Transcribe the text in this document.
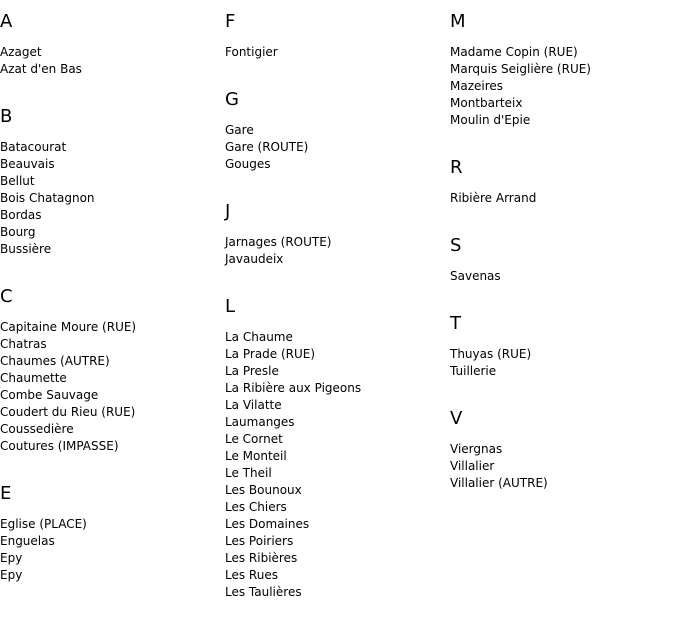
A
Azaget
Azat d'en Bas
B
Batacourat
Beauvais
Bellut
Bois Chatagnon
Bordas
Bourg
Bussière
C
Capitaine Moure (RUE)
Chatras
Chaumes (AUTRE)
Chaumette
Combe Sauvage
Coudert du Rieu (RUE)
Coussedière
Coutures (IMPASSE)
E
Eglise (PLACE)
Enguelas
Epy
Epy
F
Fontigier
G
Gare
Gare (ROUTE)
Gouges
J
Jarnages (ROUTE)
Javaudeix
L
La Chaume
La Prade (RUE)
La Presle
La Ribière aux Pigeons
La Vilatte
Laumanges
Le Cornet
Le Monteil
Le Theil
Les Bounoux
Les Chiers
Les Domaines
Les Poiriers
Les Ribières
Les Rues
Les Taulières
M
Madame Copin (RUE)
Marquis Seiglière (RUE)
Mazeires
Montbarteix
Moulin d'Epie
R
Ribière Arrand
S
Savenas
T
Thuyas (RUE)
Tuillerie
V
Viergnas
Villalier
Villalier (AUTRE)
